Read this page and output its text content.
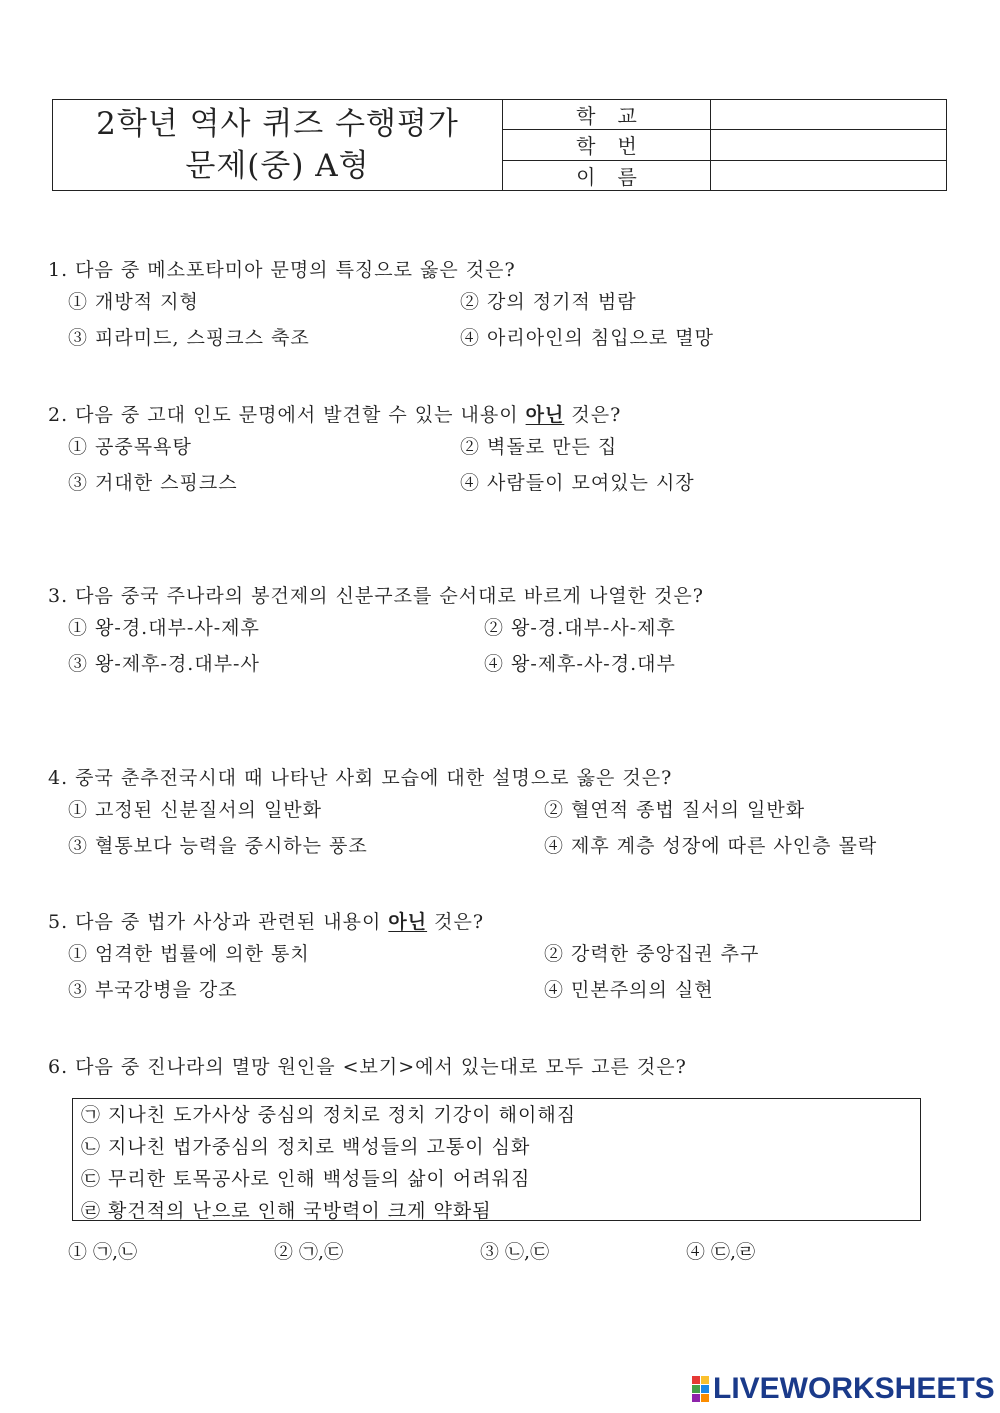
2학년 역사 퀴즈 수행평가
문제(중) A형
학교
학번
이름
1. 다음 중 메소포타미아 문명의 특징으로 옳은 것은?
① 개방적 지형	② 강의 정기적 범람
③ 피라미드, 스핑크스 축조	④ 아리아인의 침입으로 멸망
2. 다음 중 고대 인도 문명에서 발견할 수 있는 내용이 아닌 것은?
① 공중목욕탕	② 벽돌로 만든 집
③ 거대한 스핑크스	④ 사람들이 모여있는 시장
3. 다음 중국 주나라의 봉건제의 신분구조를 순서대로 바르게 나열한 것은?
① 왕-경.대부-사-제후	② 왕-경.대부-사-제후
③ 왕-제후-경.대부-사	④ 왕-제후-사-경.대부
4. 중국 춘추전국시대 때 나타난 사회 모습에 대한 설명으로 옳은 것은?
① 고정된 신분질서의 일반화	② 혈연적 종법 질서의 일반화
③ 혈통보다 능력을 중시하는 풍조	④ 제후 계층 성장에 따른 사인층 몰락
5. 다음 중 법가 사상과 관련된 내용이 아닌 것은?
① 엄격한 법률에 의한 통치	② 강력한 중앙집권 추구
③ 부국강병을 강조	④ 민본주의의 실현
6. 다음 중 진나라의 멸망 원인을 <보기>에서 있는대로 모두 고른 것은?
㉠ 지나친 도가사상 중심의 정치로 정치 기강이 해이해짐
㉡ 지나친 법가중심의 정치로 백성들의 고통이 심화
㉢ 무리한 토목공사로 인해 백성들의 삶이 어려워짐
㉣ 황건적의 난으로 인해 국방력이 크게 약화됨
① ㉠,㉡	② ㉠,㉢	③ ㉡,㉢	④ ㉢,㉣
LIVEWORKSHEETS
